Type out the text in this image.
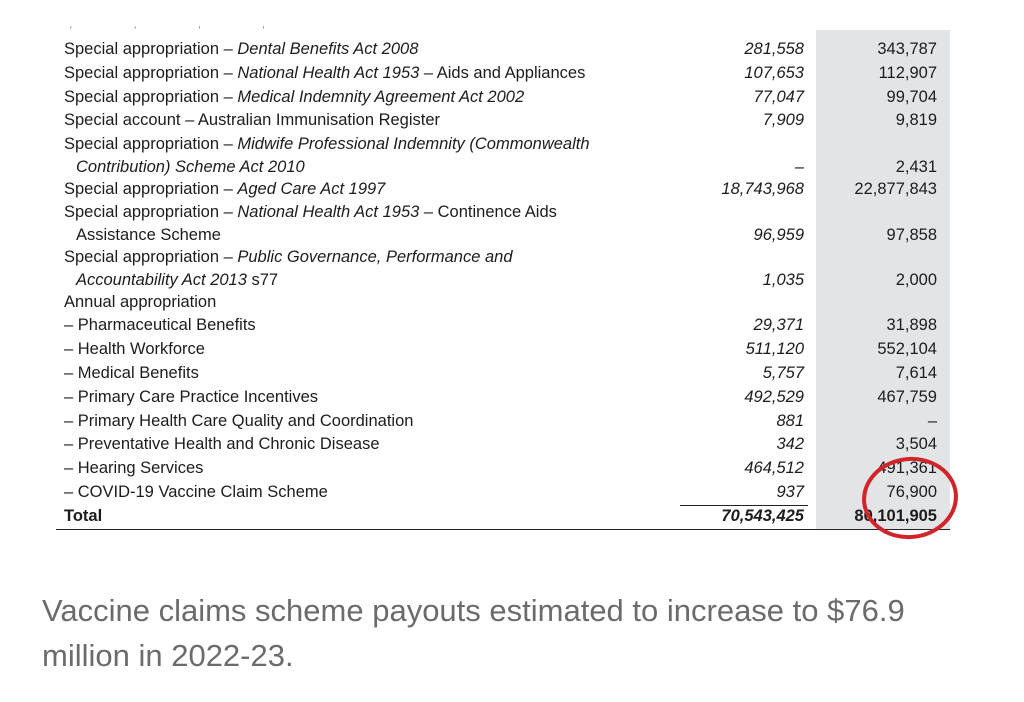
' ' ' '
Special appropriation – Dental Benefits Act 2008	281,558	343,787
Special appropriation – National Health Act 1953 – Aids and Appliances	107,653	112,907
Special appropriation – Medical Indemnity Agreement Act 2002	77,047	99,704
Special account – Australian Immunisation Register	7,909	9,819
Special appropriation – Midwife Professional Indemnity (Commonwealth
Contribution) Scheme Act 2010	–	2,431
Special appropriation – Aged Care Act 1997	18,743,968	22,877,843
Special appropriation – National Health Act 1953 – Continence Aids
Assistance Scheme	96,959	97,858
Special appropriation – Public Governance, Performance and
Accountability Act 2013 s77	1,035	2,000
Annual appropriation
– Pharmaceutical Benefits	29,371	31,898
– Health Workforce	511,120	552,104
– Medical Benefits	5,757	7,614
– Primary Care Practice Incentives	492,529	467,759
– Primary Health Care Quality and Coordination	881	–
– Preventative Health and Chronic Disease	342	3,504
– Hearing Services	464,512	491,361
– COVID-19 Vaccine Claim Scheme	937	76,900
Total	70,543,425	80,101,905
Vaccine claims scheme payouts estimated to increase to $76.9 million in 2022-23.
